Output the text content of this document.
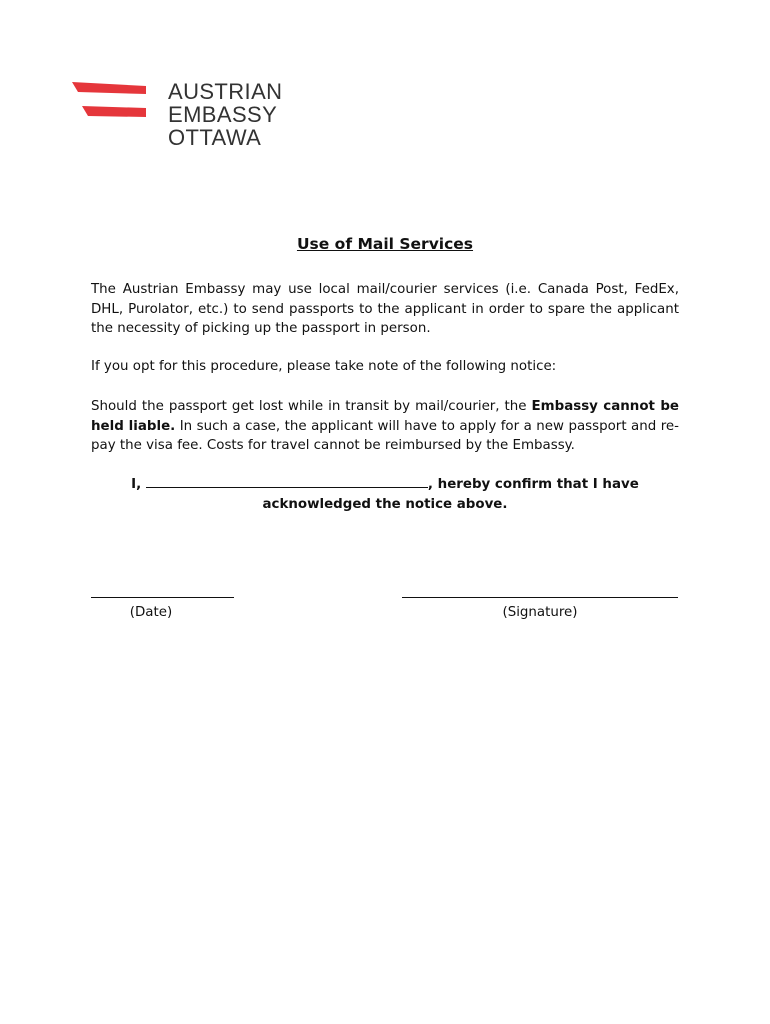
AUSTRIAN
EMBASSY
OTTAWA
Use of Mail Services

The Austrian Embassy may use local mail/courier services (i.e. Canada Post, FedEx, DHL, Purolator, etc.) to send passports to the applicant in order to spare the applicant the necessity of picking up the passport in person.

If you opt for this procedure, please take note of the following notice:

Should the passport get lost while in transit by mail/courier, the Embassy cannot be held liable. In such a case, the applicant will have to apply for a new passport and re-pay the visa fee. Costs for travel cannot be reimbursed by the Embassy.

I,	, hereby confirm that I have
acknowledged the notice above.
(Date)	(Signature)
